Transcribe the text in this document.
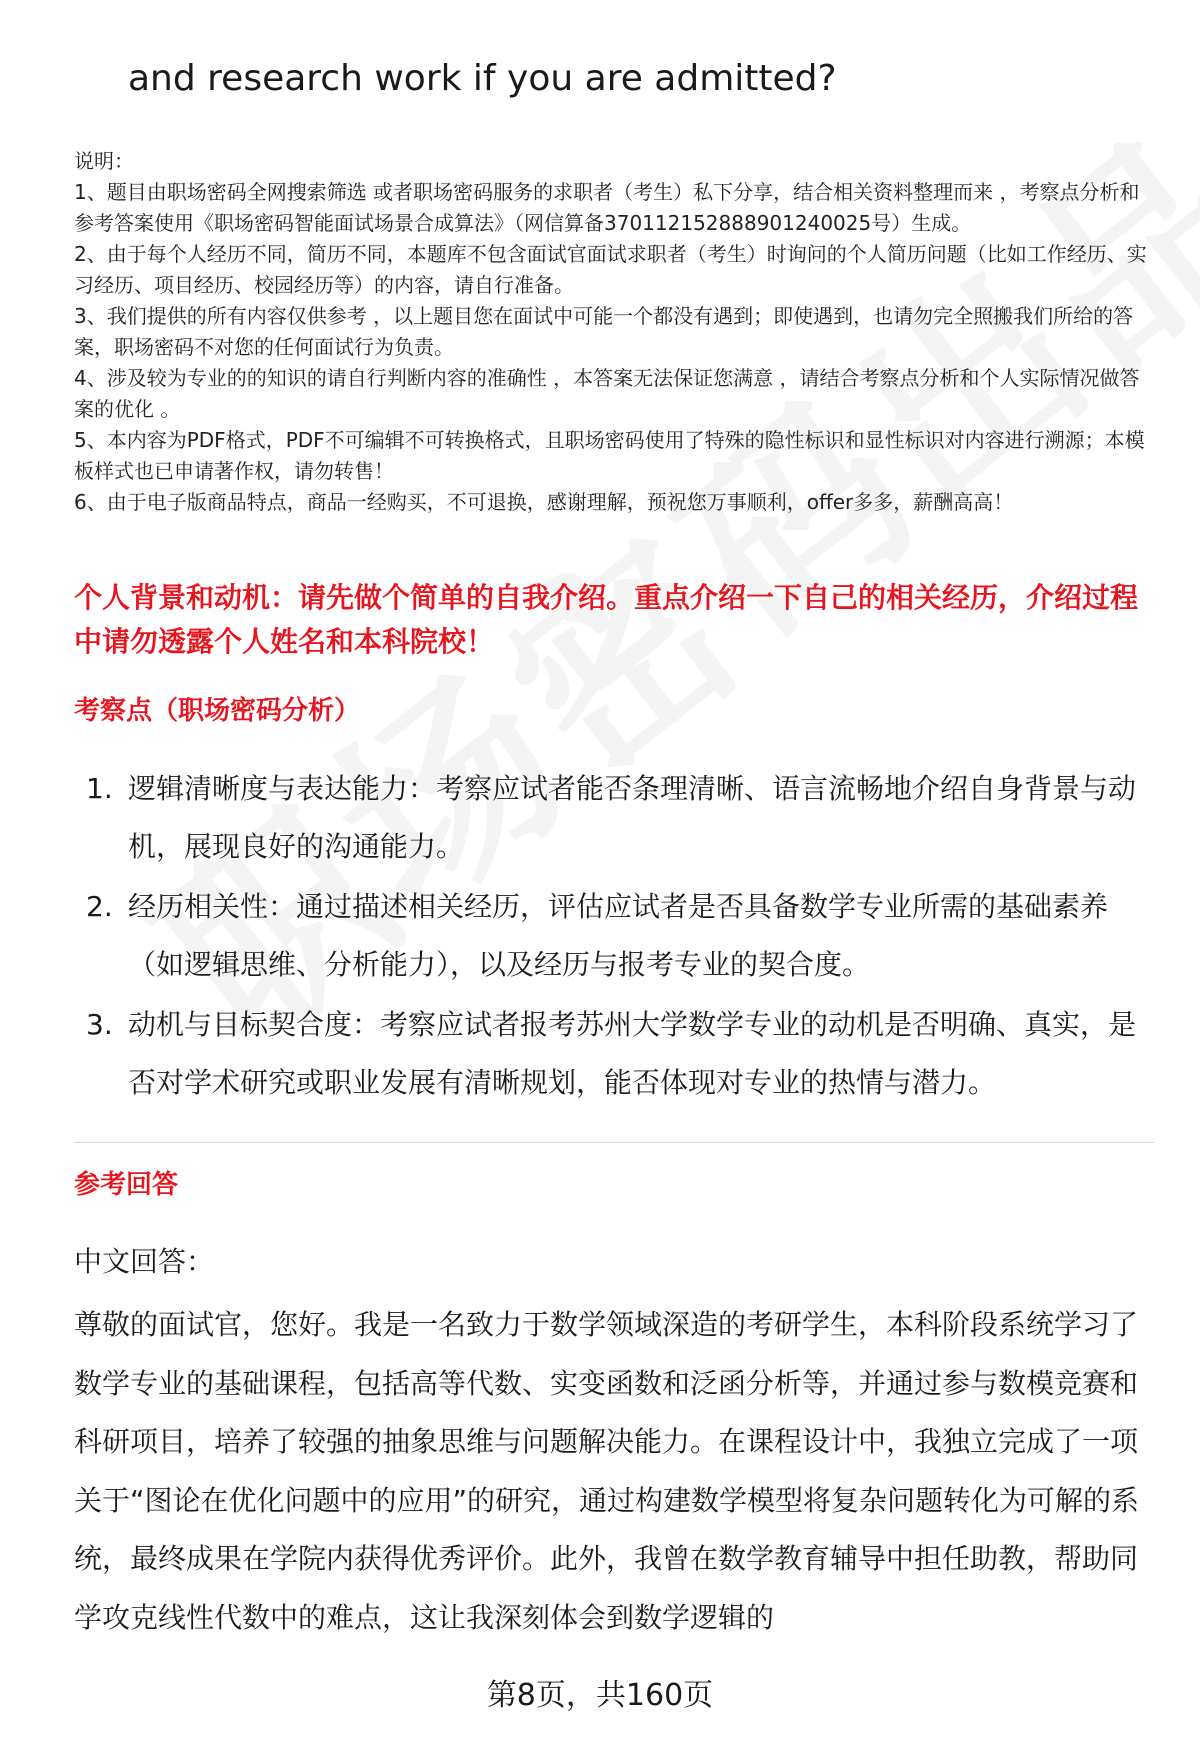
and research work if you are admitted?

说明：

1、题目由职场密码全网搜索筛选 或者职场密码服务的求职者（考生）私下分享，结合相关资料整理而来 ，考察点分析和参考答案使用《职场密码智能面试场景合成算法》（网信算备370112152888901240025号）生成。

2、由于每个人经历不同，简历不同，本题库不包含面试官面试求职者（考生）时询问的个人简历问题（比如工作经历、实习经历、项目经历、校园经历等）的内容，请自行准备。

3、我们提供的所有内容仅供参考 ，以上题目您在面试中可能一个都没有遇到；即使遇到，也请勿完全照搬我们所给的答案，职场密码不对您的任何面试行为负责。

4、涉及较为专业的的知识的请自行判断内容的准确性 ，本答案无法保证您满意 ，请结合考察点分析和个人实际情况做答案的优化 。

5、本内容为PDF格式，PDF不可编辑不可转换格式，且职场密码使用了特殊的隐性标识和显性标识对内容进行溯源；本模板样式也已申请著作权，请勿转售！

6、由于电子版商品特点，商品一经购买，不可退换，感谢理解，预祝您万事顺利，offer多多，薪酬高高！

个人背景和动机：请先做个简单的自我介绍。重点介绍一下自己的相关经历，介绍过程中请勿透露个人姓名和本科院校！
考察点（职场密码分析）
1. 逻辑清晰度与表达能力：考察应试者能否条理清晰、语言流畅地介绍自身背景与动机，展现良好的沟通能力。
2. 经历相关性：通过描述相关经历，评估应试者是否具备数学专业所需的基础素养（如逻辑思维、分析能力），以及经历与报考专业的契合度。
3. 动机与目标契合度：考察应试者报考苏州大学数学专业的动机是否明确、真实，是否对学术研究或职业发展有清晰规划，能否体现对专业的热情与潜力。
参考回答
中文回答：

尊敬的面试官，您好。我是一名致力于数学领域深造的考研学生，本科阶段系统学习了数学专业的基础课程，包括高等代数、实变函数和泛函分析等，并通过参与数模竞赛和科研项目，培养了较强的抽象思维与问题解决能力。在课程设计中，我独立完成了一项关于“图论在优化问题中的应用”的研究，通过构建数学模型将复杂问题转化为可解的系统，最终成果在学院内获得优秀评价。此外，我曾在数学教育辅导中担任助教，帮助同学攻克线性代数中的难点，这让我深刻体会到数学逻辑的

第8页，共160页
